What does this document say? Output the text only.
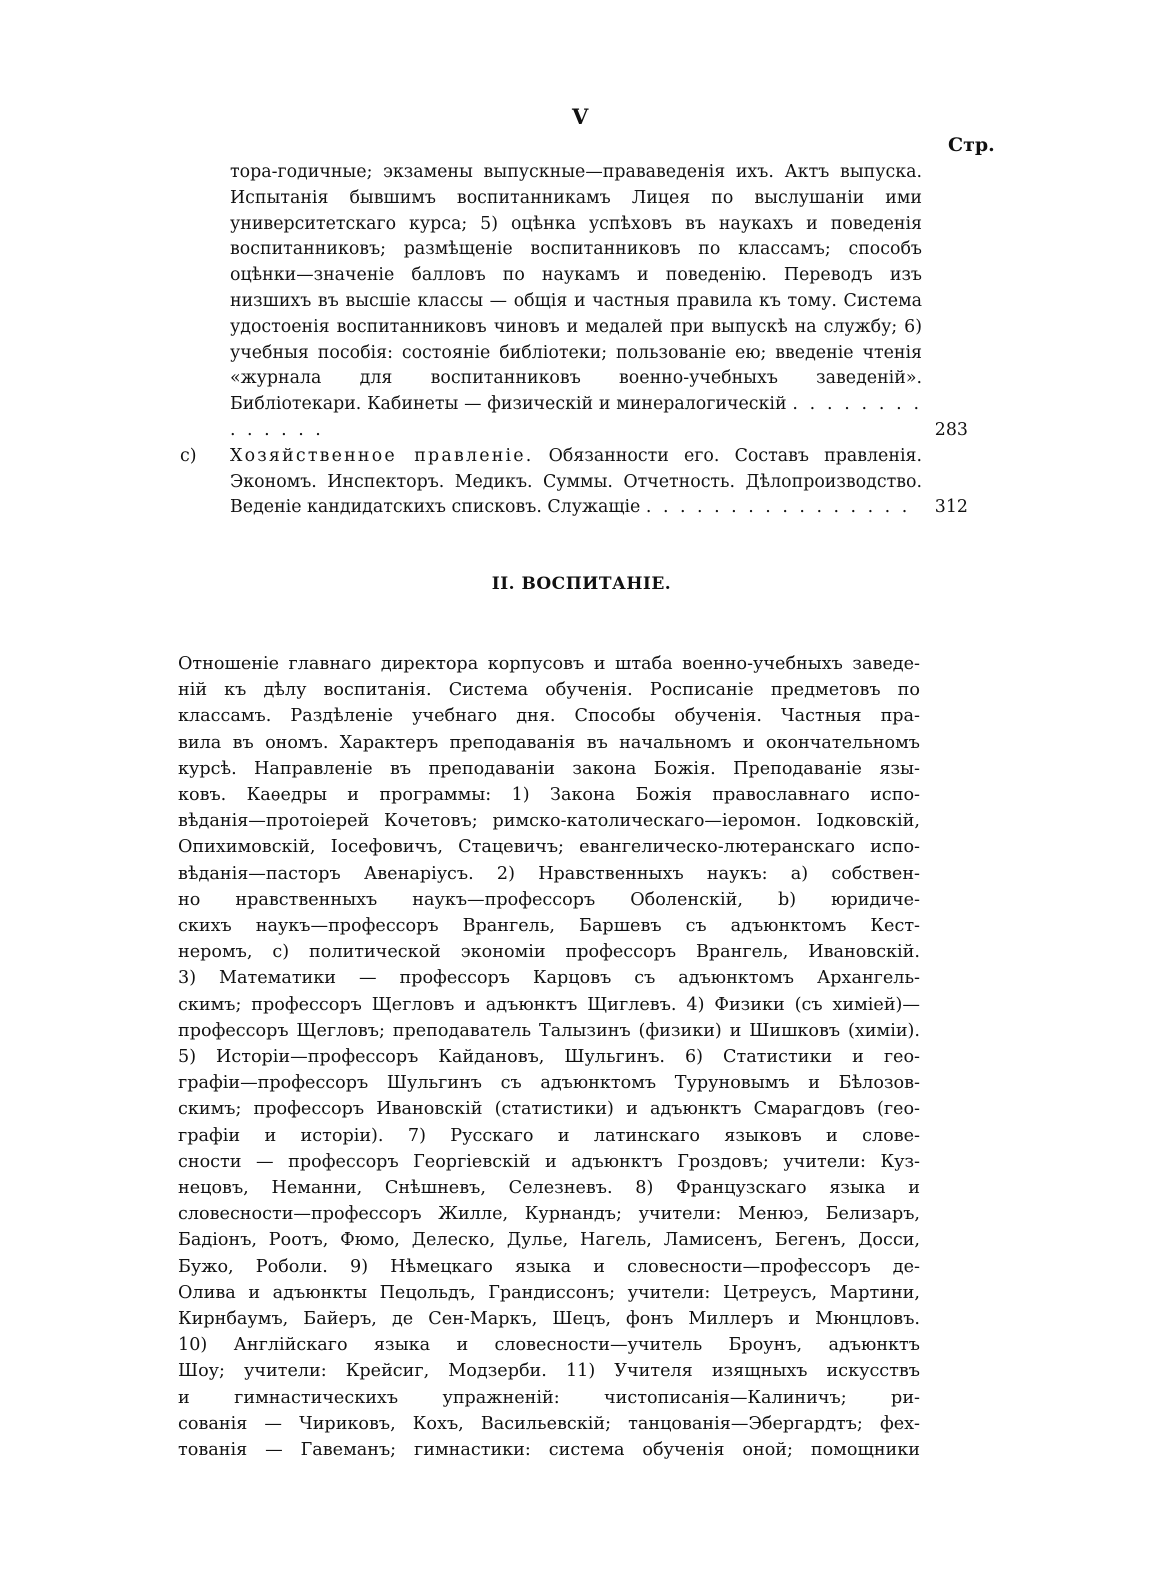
V
Стр.

тора-годичные; экзамены выпускные—прававеденія ихъ. Актъ выпуска. Испытанія бывшимъ воспитанникамъ Лицея по выслушаніи ими университетскаго курса; 5) оцѣнка успѣховъ въ наукахъ и поведенія воспитанниковъ; размѣщеніе воспитанниковъ по классамъ; способъ оцѣнки—значеніе балловъ по наукамъ и поведенію. Переводъ изъ низшихъ въ высшіе классы — общія и частныя правила къ тому. Система удостоенія воспитанниковъ чиновъ и медалей при выпускѣ на службу; 6) учебныя пособія: состояніе библіотеки; пользованіе ею; введеніе чтенія «журнала для воспитанниковъ военно-учебныхъ заведеній». Библіотекари. Кабинеты — физическій и минералогическій . . . . . . . . . . . . . .	283
c) Хозяйственное правленіе. Обязанности его. Составъ правленія. Экономъ. Инспекторъ. Медикъ. Суммы. Отчетность. Дѣлопроизводство. Веденіе кандидатскихъ списковъ. Служащіе . . . . . . . . . . . . . . . .	312
II. ВОСПИТАНІЕ.
Отношеніе главнаго директора корпусовъ и штаба военно-учебныхъ заведе-
ній къ дѣлу воспитанія. Система обученія. Росписаніе предметовъ по
классамъ. Раздѣленіе учебнаго дня. Способы обученія. Частныя пра-
вила въ ономъ. Характеръ преподаванія въ начальномъ и окончательномъ
курсѣ. Направленіе въ преподаваніи закона Божія. Преподаваніе язы-
ковъ. Каѳедры и программы: 1) Закона Божія православнаго испо-
вѣданія—протоіерей Кочетовъ; римско-католическаго—іеромон. Іодковскій,
Опихимовскій, Іосефовичъ, Стацевичъ; евангелическо-лютеранскаго испо-
вѣданія—пасторъ Авенаріусъ. 2) Нравственныхъ наукъ: a) собствен-
но нравственныхъ наукъ—профессоръ Оболенскій, b) юридиче-
скихъ наукъ—профессоръ Врангель, Баршевъ съ адъюнктомъ Кест-
неромъ, c) политической экономіи профессоръ Врангель, Ивановскій.
3) Математики — профессоръ Карцовъ съ адъюнктомъ Архангель-
скимъ; профессоръ Щегловъ и адъюнктъ Щиглевъ. 4) Физики (съ химіей)—
профессоръ Щегловъ; преподаватель Талызинъ (физики) и Шишковъ (химіи).
5) Исторіи—профессоръ Кайдановъ, Шульгинъ. 6) Статистики и гео-
графіи—профессоръ Шульгинъ съ адъюнктомъ Туруновымъ и Бѣлозов-
скимъ; профессоръ Ивановскій (статистики) и адъюнктъ Смарагдовъ (гео-
графіи и исторіи). 7) Русскаго и латинскаго языковъ и слове-
сности — профессоръ Георгіевскій и адъюнктъ Гроздовъ; учители: Куз-
нецовъ, Неманни, Снѣшневъ, Селезневъ. 8) Французскаго языка и
словесности—профессоръ Жилле, Курнандъ; учители: Менюэ, Белизаръ,
Бадіонъ, Роотъ, Фюмо, Делеско, Дулье, Нагель, Ламисенъ, Бегенъ, Досси,
Бужо, Роболи. 9) Нѣмецкаго языка и словесности—профессоръ де-
Олива и адъюнкты Пецольдъ, Грандиссонъ; учители: Цетреусъ, Мартини,
Кирнбаумъ, Байеръ, де Сен-Маркъ, Шецъ, фонъ Миллеръ и Мюнцловъ.
10) Англійскаго языка и словесности—учитель Броунъ, адъюнктъ
Шоу; учители: Крейсиг, Модзерби. 11) Учителя изящныхъ искусствъ
и гимнастическихъ упражненій: чистописанія—Калиничъ; ри-
сованія — Чириковъ, Кохъ, Васильевскій; танцованія—Эбергардтъ; фех-
тованія — Гавеманъ; гимнастики: система обученія оной; помощники
